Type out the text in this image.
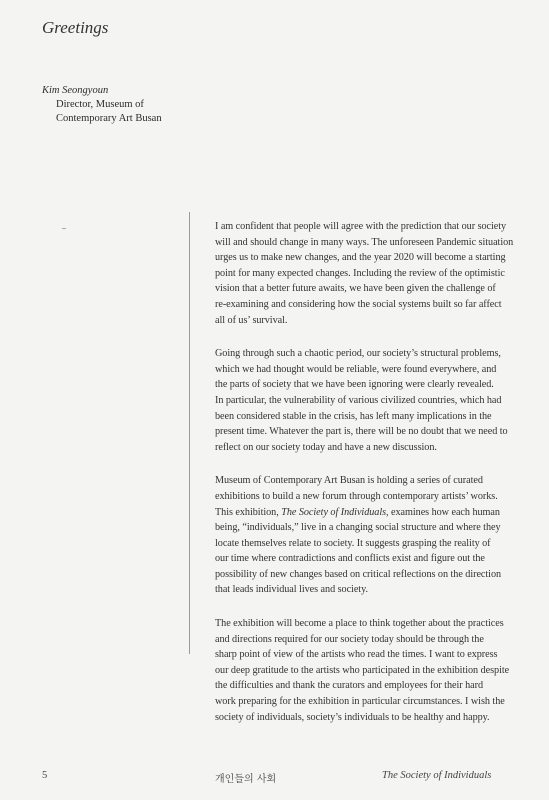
Greetings
Kim Seongyoun
Director, Museum of
Contemporary Art Busan

I am confident that people will agree with the prediction that our society
will and should change in many ways. The unforeseen Pandemic situation
urges us to make new changes, and the year 2020 will become a starting
point for many expected changes. Including the review of the optimistic
vision that a better future awaits, we have been given the challenge of
re-examining and considering how the social systems built so far affect
all of us’ survival.

Going through such a chaotic period, our society’s structural problems,
which we had thought would be reliable, were found everywhere, and
the parts of society that we have been ignoring were clearly revealed.
In particular, the vulnerability of various civilized countries, which had
been considered stable in the crisis, has left many implications in the
present time. Whatever the part is, there will be no doubt that we need to
reflect on our society today and have a new discussion.

Museum of Contemporary Art Busan is holding a series of curated
exhibitions to build a new forum through contemporary artists’ works.
This exhibition, The Society of Individuals, examines how each human
being, “individuals,” live in a changing social structure and where they
locate themselves relate to society. It suggests grasping the reality of
our time where contradictions and conflicts exist and figure out the
possibility of new changes based on critical reflections on the direction
that leads individual lives and society.

The exhibition will become a place to think together about the practices
and directions required for our society today should be through the
sharp point of view of the artists who read the times. I want to express
our deep gratitude to the artists who participated in the exhibition despite
the difficulties and thank the curators and employees for their hard
work preparing for the exhibition in particular circumstances. I wish the
society of individuals, society’s individuals to be healthy and happy.

5	개인들의 사회	The Society of Individuals
